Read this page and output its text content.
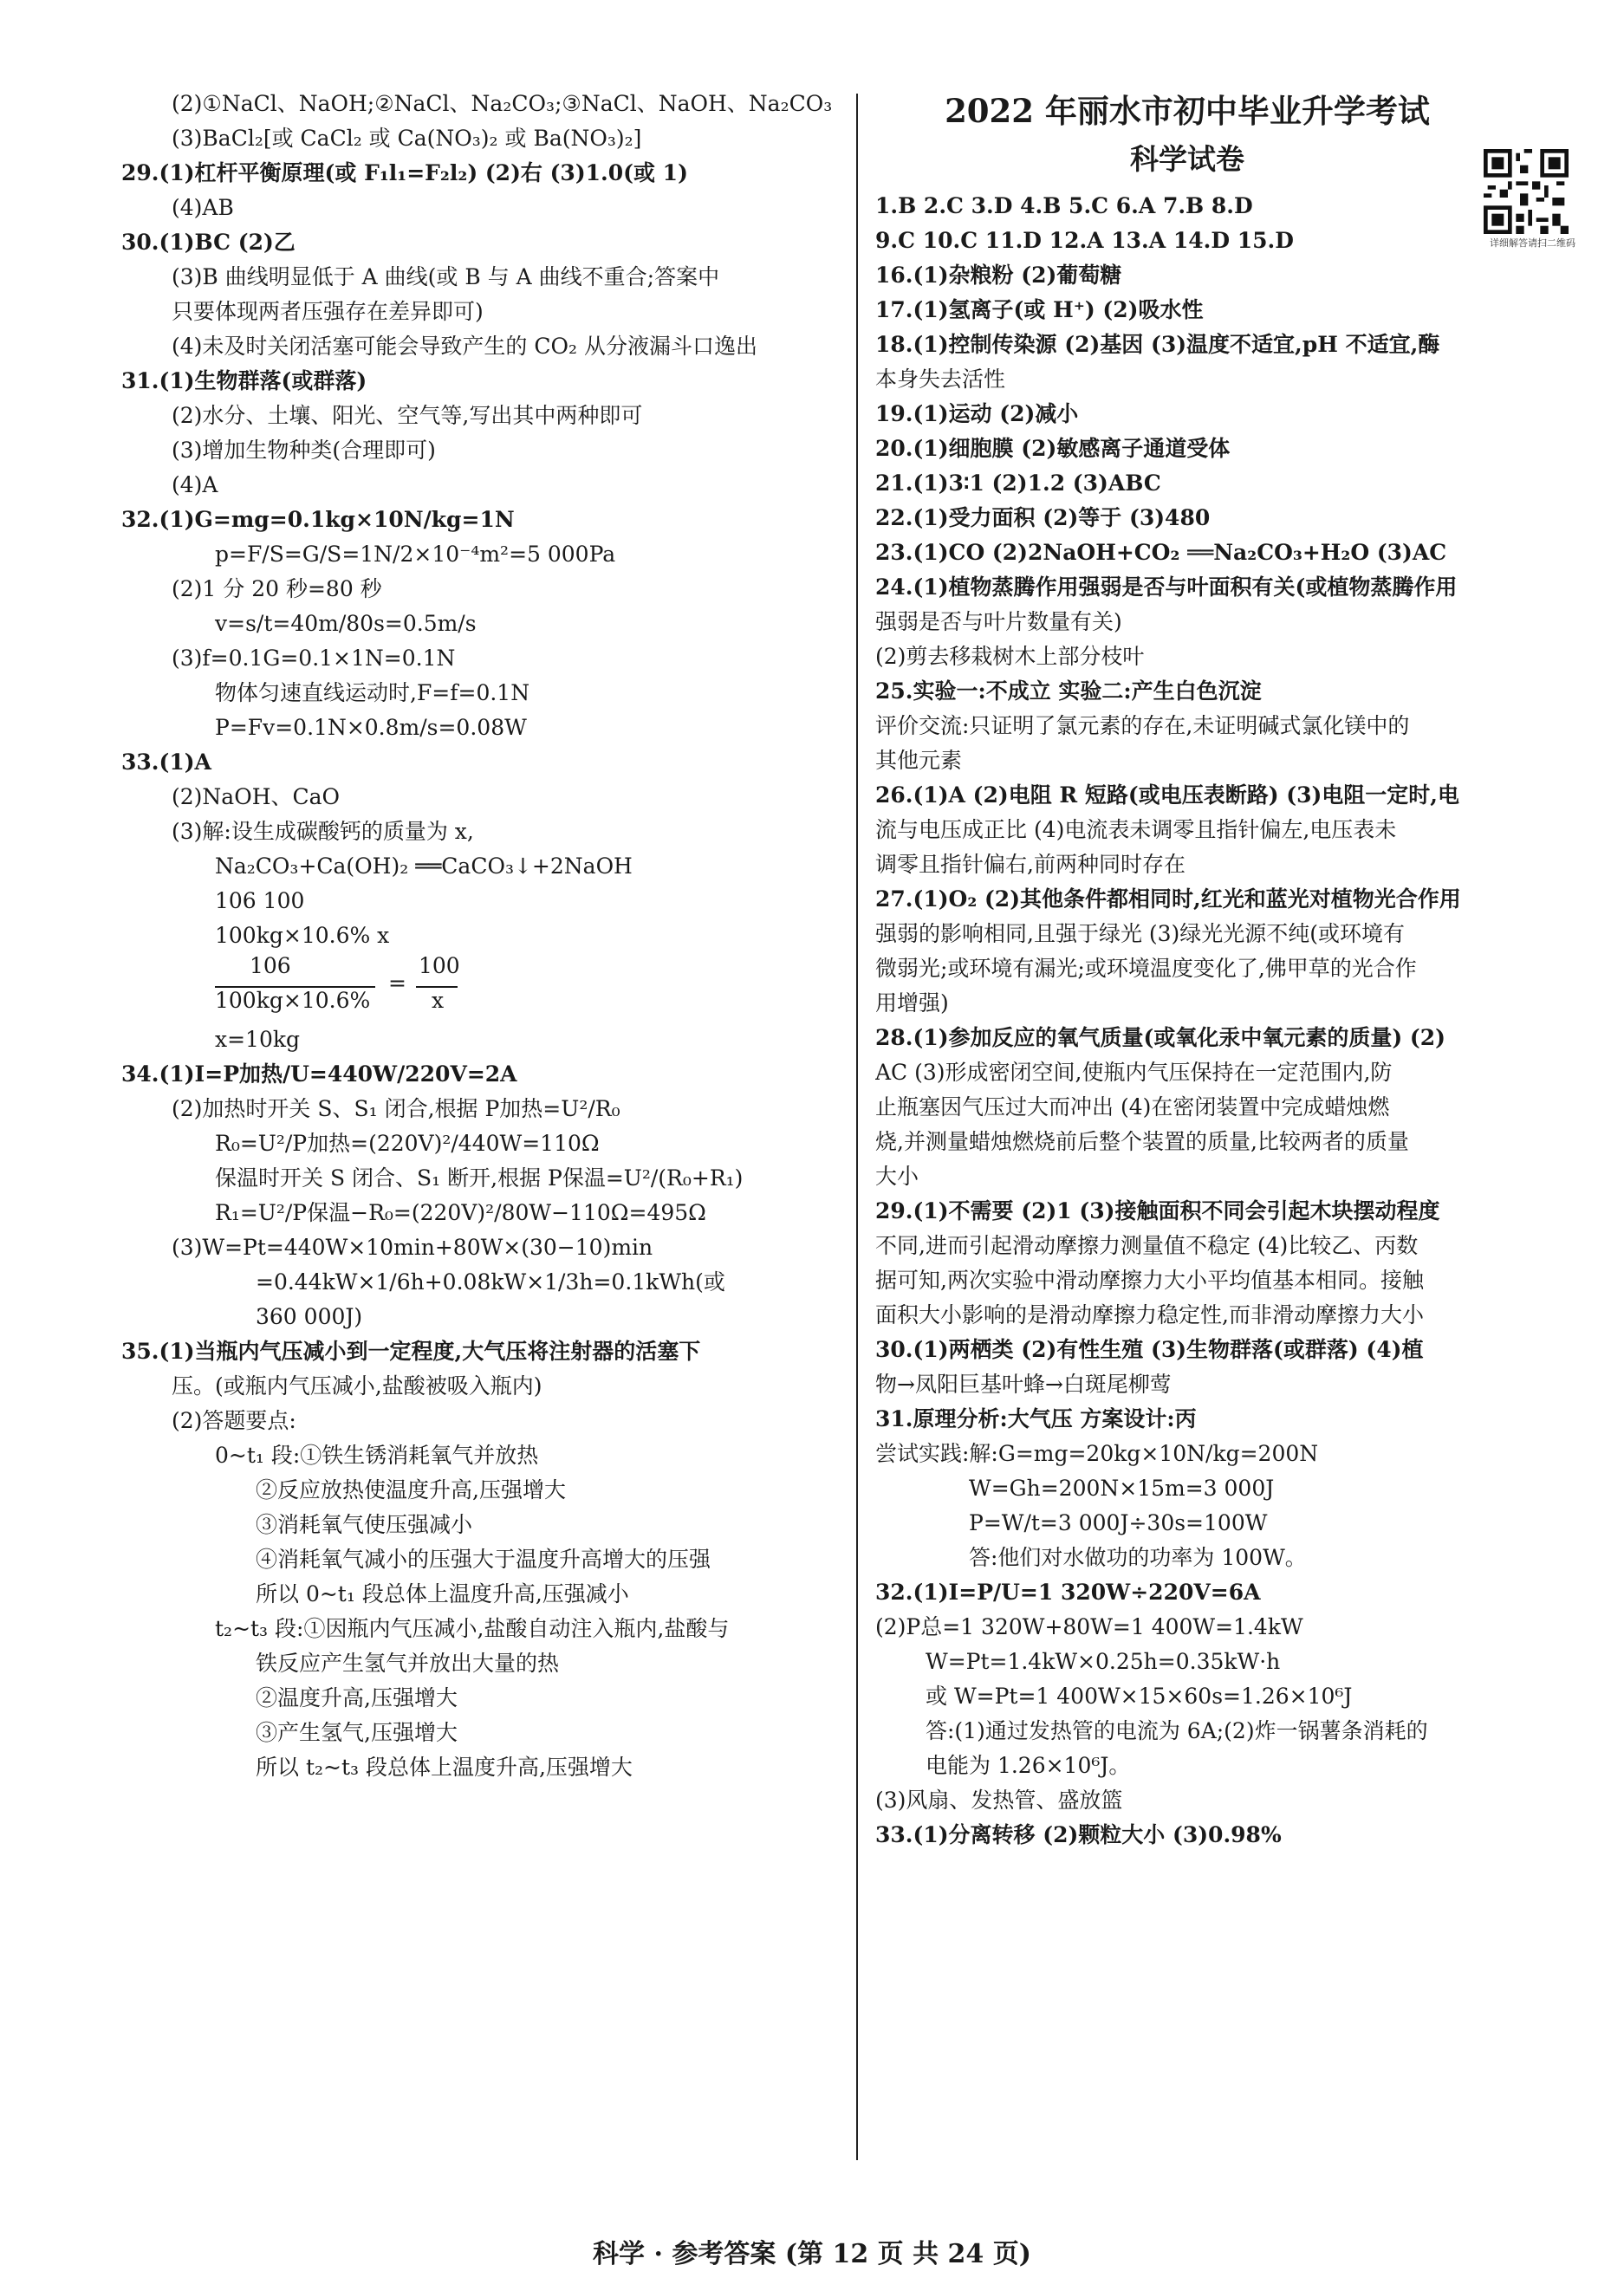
(2)①NaCl、NaOH;②NaCl、Na₂CO₃;③NaCl、NaOH、Na₂CO₃
(3)BaCl₂[或 CaCl₂ 或 Ca(NO₃)₂ 或 Ba(NO₃)₂]
29.(1)杠杆平衡原理(或 F₁l₁=F₂l₂) (2)右 (3)1.0(或 1)
(4)AB
30.(1)BC (2)乙
(3)B 曲线明显低于 A 曲线(或 B 与 A 曲线不重合;答案中
只要体现两者压强存在差异即可)
(4)未及时关闭活塞可能会导致产生的 CO₂ 从分液漏斗口逸出
31.(1)生物群落(或群落)
(2)水分、土壤、阳光、空气等,写出其中两种即可
(3)增加生物种类(合理即可)
(4)A
32.(1)G=mg=0.1kg×10N/kg=1N
p=F/S=G/S=1N/2×10⁻⁴m²=5 000Pa
(2)1 分 20 秒=80 秒
v=s/t=40m/80s=0.5m/s
(3)f=0.1G=0.1×1N=0.1N
物体匀速直线运动时,F=f=0.1N
P=Fv=0.1N×0.8m/s=0.08W
33.(1)A
(2)NaOH、CaO
(3)解:设生成碳酸钙的质量为 x,
Na₂CO₃+Ca(OH)₂ ══CaCO₃↓+2NaOH
106 100
100kg×10.6% x
106
100kg×10.6%
=
100
x
x=10kg
34.(1)I=P加热/U=440W/220V=2A
(2)加热时开关 S、S₁ 闭合,根据 P加热=U²/R₀
R₀=U²/P加热=(220V)²/440W=110Ω
保温时开关 S 闭合、S₁ 断开,根据 P保温=U²/(R₀+R₁)
R₁=U²/P保温−R₀=(220V)²/80W−110Ω=495Ω
(3)W=Pt=440W×10min+80W×(30−10)min
=0.44kW×1/6h+0.08kW×1/3h=0.1kWh(或
360 000J)
35.(1)当瓶内气压减小到一定程度,大气压将注射器的活塞下
压。(或瓶内气压减小,盐酸被吸入瓶内)
(2)答题要点:
0~t₁ 段:①铁生锈消耗氧气并放热
②反应放热使温度升高,压强增大
③消耗氧气使压强减小
④消耗氧气减小的压强大于温度升高增大的压强
所以 0~t₁ 段总体上温度升高,压强减小
t₂~t₃ 段:①因瓶内气压减小,盐酸自动注入瓶内,盐酸与
铁反应产生氢气并放出大量的热
②温度升高,压强增大
③产生氢气,压强增大
所以 t₂~t₃ 段总体上温度升高,压强增大
2022 年丽水市初中毕业升学考试
科学试卷
详细解答请扫二维码
1.B 2.C 3.D 4.B 5.C 6.A 7.B 8.D
9.C 10.C 11.D 12.A 13.A 14.D 15.D
16.(1)杂粮粉 (2)葡萄糖
17.(1)氢离子(或 H⁺) (2)吸水性
18.(1)控制传染源 (2)基因 (3)温度不适宜,pH 不适宜,酶
本身失去活性
19.(1)运动 (2)减小
20.(1)细胞膜 (2)敏感离子通道受体
21.(1)3∶1 (2)1.2 (3)ABC
22.(1)受力面积 (2)等于 (3)480
23.(1)CO (2)2NaOH+CO₂ ══Na₂CO₃+H₂O (3)AC
24.(1)植物蒸腾作用强弱是否与叶面积有关(或植物蒸腾作用
强弱是否与叶片数量有关)
(2)剪去移栽树木上部分枝叶
25.实验一:不成立 实验二:产生白色沉淀
评价交流:只证明了氯元素的存在,未证明碱式氯化镁中的
其他元素
26.(1)A (2)电阻 R 短路(或电压表断路) (3)电阻一定时,电
流与电压成正比 (4)电流表未调零且指针偏左,电压表未
调零且指针偏右,前两种同时存在
27.(1)O₂ (2)其他条件都相同时,红光和蓝光对植物光合作用
强弱的影响相同,且强于绿光 (3)绿光光源不纯(或环境有
微弱光;或环境有漏光;或环境温度变化了,佛甲草的光合作
用增强)
28.(1)参加反应的氧气质量(或氧化汞中氧元素的质量) (2)
AC (3)形成密闭空间,使瓶内气压保持在一定范围内,防
止瓶塞因气压过大而冲出 (4)在密闭装置中完成蜡烛燃
烧,并测量蜡烛燃烧前后整个装置的质量,比较两者的质量
大小
29.(1)不需要 (2)1 (3)接触面积不同会引起木块摆动程度
不同,进而引起滑动摩擦力测量值不稳定 (4)比较乙、丙数
据可知,两次实验中滑动摩擦力大小平均值基本相同。接触
面积大小影响的是滑动摩擦力稳定性,而非滑动摩擦力大小
30.(1)两栖类 (2)有性生殖 (3)生物群落(或群落) (4)植
物→凤阳巨基叶蜂→白斑尾柳莺
31.原理分析:大气压 方案设计:丙
尝试实践:解:G=mg=20kg×10N/kg=200N
W=Gh=200N×15m=3 000J
P=W/t=3 000J÷30s=100W
答:他们对水做功的功率为 100W。
32.(1)I=P/U=1 320W÷220V=6A
(2)P总=1 320W+80W=1 400W=1.4kW
W=Pt=1.4kW×0.25h=0.35kW·h
或 W=Pt=1 400W×15×60s=1.26×10⁶J
答:(1)通过发热管的电流为 6A;(2)炸一锅薯条消耗的
电能为 1.26×10⁶J。
(3)风扇、发热管、盛放篮
33.(1)分离转移 (2)颗粒大小 (3)0.98%
科学 · 参考答案 (第 12 页 共 24 页)
